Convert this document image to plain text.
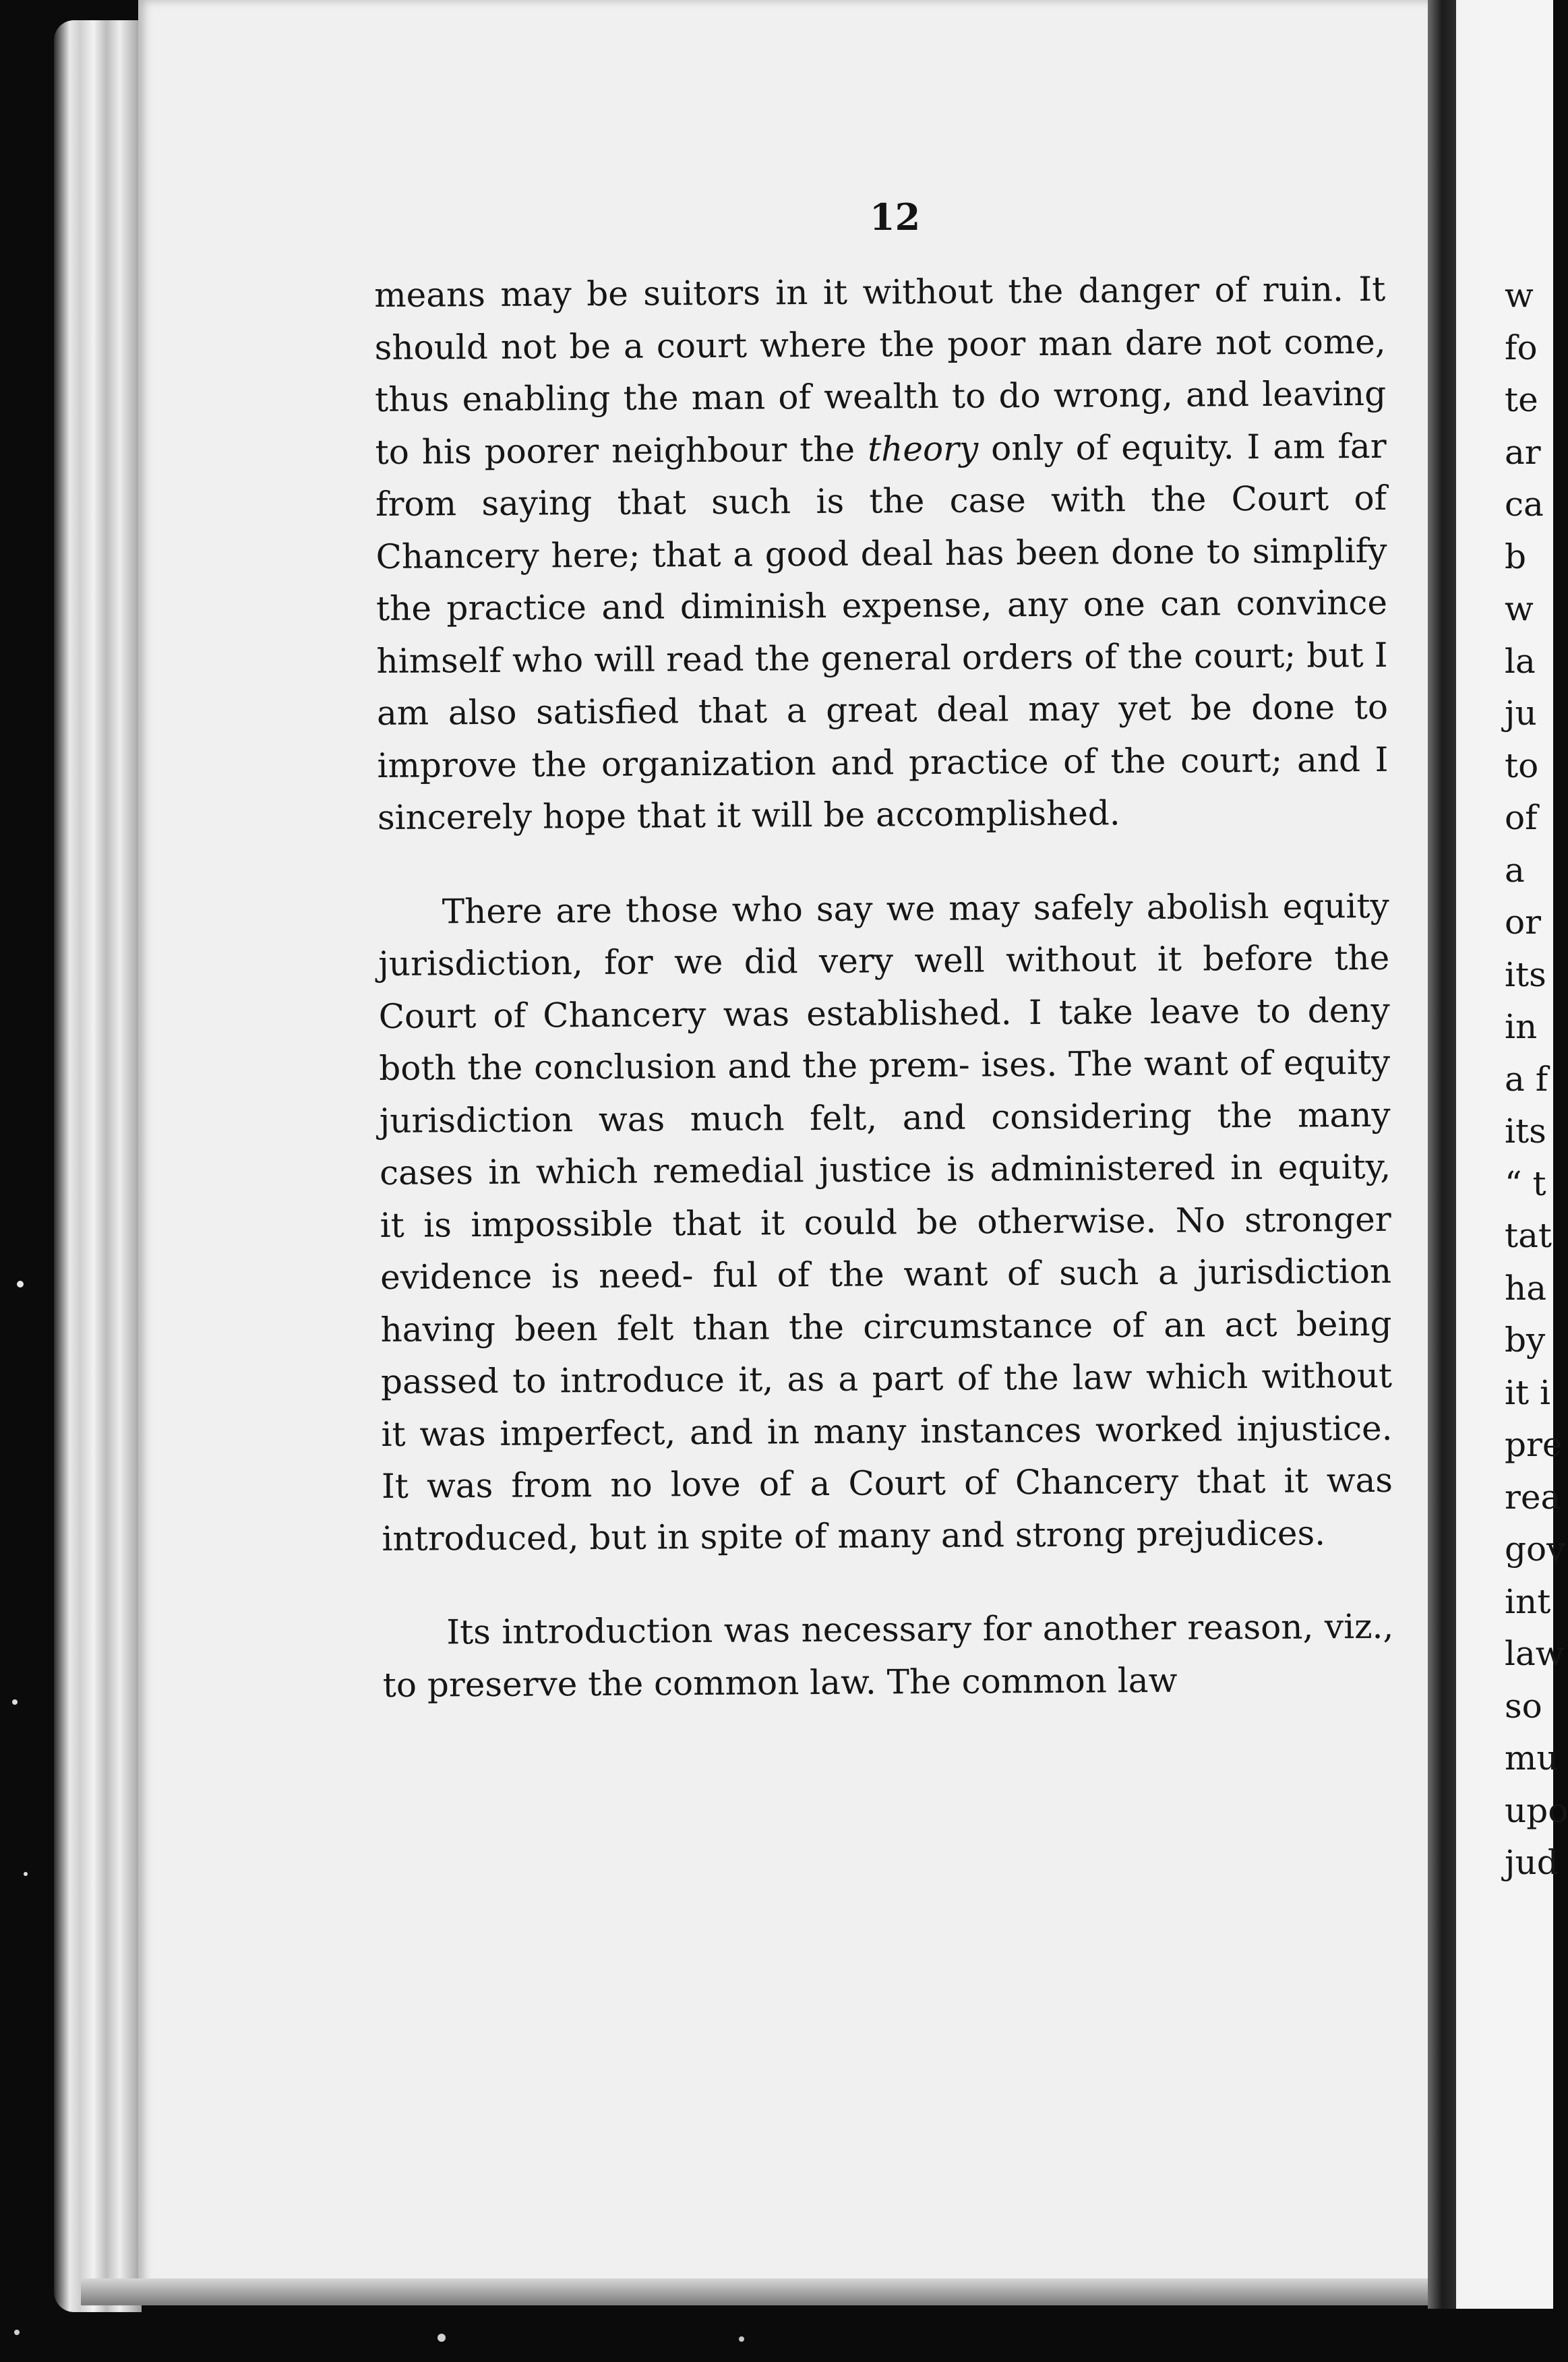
12

means may be suitors in it without the danger of ruin. It should not be a court where the poor man dare not come, thus enabling the man of wealth to do wrong, and leaving to his poorer neighbour the theory only of equity. I am far from saying that such is the case with the Court of Chancery here; that a good deal has been done to simplify the practice and diminish expense, any one can convince himself who will read the general orders of the court; but I am also satisfied that a great deal may yet be done to improve the organization and practice of the court; and I sincerely hope that it will be accomplished.

There are those who say we may safely abolish equity jurisdiction, for we did very well without it before the Court of Chancery was established. I take leave to deny both the conclusion and the prem- ises. The want of equity jurisdiction was much felt, and considering the many cases in which remedial justice is administered in equity, it is impossible that it could be otherwise. No stronger evidence is need- ful of the want of such a jurisdiction having been felt than the circumstance of an act being passed to introduce it, as a part of the law which without it was imperfect, and in many instances worked injustice. It was from no love of a Court of Chancery that it was introduced, but in spite of many and strong prejudices.

Its introduction was necessary for another reason, viz., to preserve the common law. The common law

w
fo
te
ar
ca
b
w
la
ju
to
of
a
or
its
in
a f
its
“ t
tat
ha
by
it i
pre
rea
gov
int
law
so
mu
upo
jud
